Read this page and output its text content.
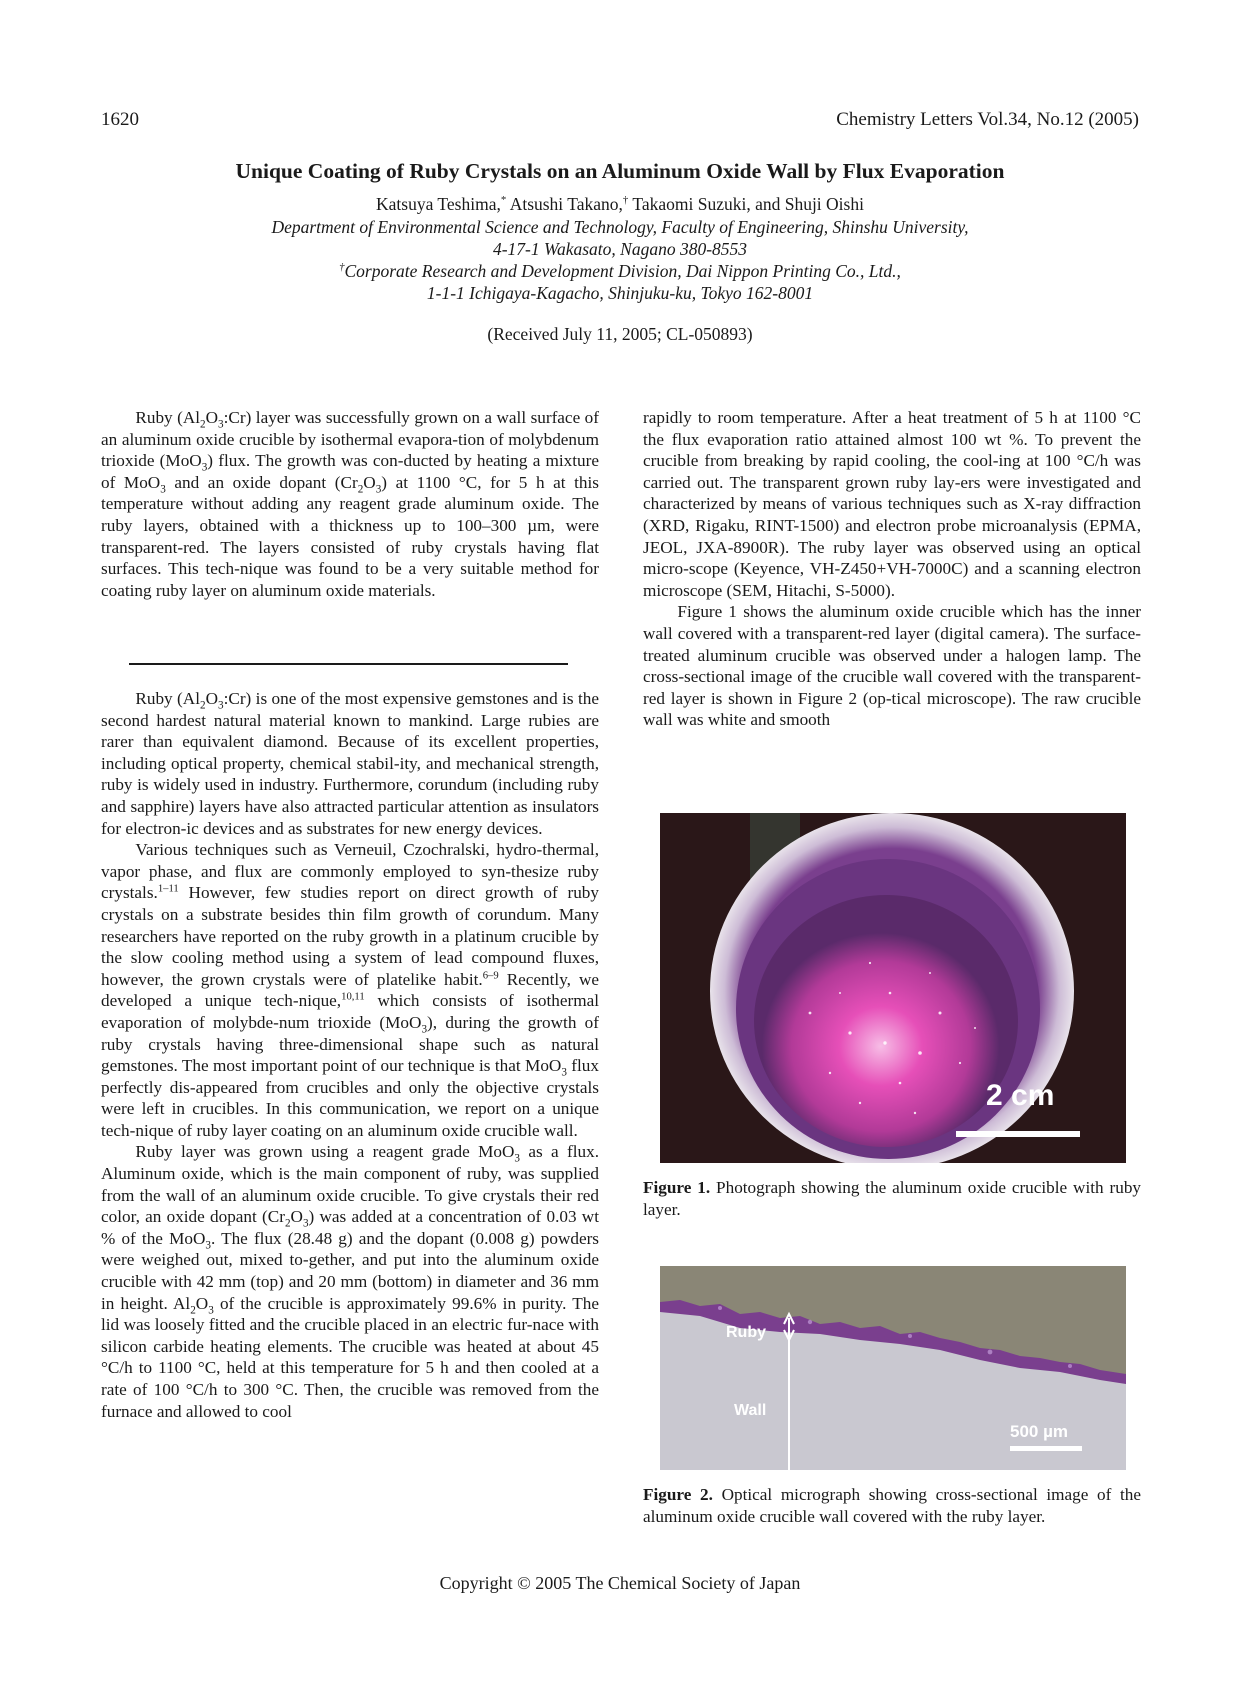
1620	Chemistry Letters Vol.34, No.12 (2005)
Unique Coating of Ruby Crystals on an Aluminum Oxide Wall by Flux Evaporation
Katsuya Teshima,* Atsushi Takano,† Takaomi Suzuki, and Shuji Oishi
Department of Environmental Science and Technology, Faculty of Engineering, Shinshu University,
4-17-1 Wakasato, Nagano 380-8553
†Corporate Research and Development Division, Dai Nippon Printing Co., Ltd.,
1-1-1 Ichigaya-Kagacho, Shinjuku-ku, Tokyo 162-8001
(Received July 11, 2005; CL-050893)

Ruby $(Al_2O_3:Cr)$ layer was successfully grown on a wall surface of an aluminum oxide crucible by isothermal evapora-tion of molybdenum trioxide (MoO$_3$) flux. The growth was con-ducted by heating a mixture of MoO$_3$ and an oxide dopant $(Cr_2O_3)$ at 1100 °C, for 5 h at this temperature without adding any reagent grade aluminum oxide. The ruby layers, obtained with a thickness up to 100–300 µm, were transparent-red. The layers consisted of ruby crystals having flat surfaces. This tech-nique was found to be a very suitable method for coating ruby layer on aluminum oxide materials.

Ruby $(Al_2O_3:Cr)$ is one of the most expensive gemstones and is the second hardest natural material known to mankind. Large rubies are rarer than equivalent diamond. Because of its excellent properties, including optical property, chemical stabil-ity, and mechanical strength, ruby is widely used in industry. Furthermore, corundum (including ruby and sapphire) layers have also attracted particular attention as insulators for electron-ic devices and as substrates for new energy devices.

Various techniques such as Verneuil, Czochralski, hydro-thermal, vapor phase, and flux are commonly employed to syn-thesize ruby crystals.$^{1-11}$ However, few studies report on direct growth of ruby crystals on a substrate besides thin film growth of corundum. Many researchers have reported on the ruby growth in a platinum crucible by the slow cooling method using a system of lead compound fluxes, however, the grown crystals were of platelike habit.$^{6-9}$ Recently, we developed a unique tech-nique,$^{10,11}$ which consists of isothermal evaporation of molybde-num trioxide (MoO$_3$), during the growth of ruby crystals having three-dimensional shape such as natural gemstones. The most important point of our technique is that MoO$_3$ flux perfectly dis-appeared from crucibles and only the objective crystals were left in crucibles. In this communication, we report on a unique tech-nique of ruby layer coating on an aluminum oxide crucible wall.

Ruby layer was grown using a reagent grade MoO$_3$ as a flux. Aluminum oxide, which is the main component of ruby, was supplied from the wall of an aluminum oxide crucible. To give crystals their red color, an oxide dopant $(Cr_2O_3)$ was added at a concentration of 0.03 wt % of the MoO$_3$. The flux (28.48 g) and the dopant (0.008 g) powders were weighed out, mixed to-gether, and put into the aluminum oxide crucible with 42 mm (top) and 20 mm (bottom) in diameter and 36 mm in height. $Al_2O_3$ of the crucible is approximately 99.6% in purity. The lid was loosely fitted and the crucible placed in an electric fur-nace with silicon carbide heating elements. The crucible was heated at about 45 °C/h to 1100 °C, held at this temperature for 5 h and then cooled at a rate of 100 °C/h to 300 °C. Then, the crucible was removed from the furnace and allowed to cool

rapidly to room temperature. After a heat treatment of 5 h at 1100 °C the flux evaporation ratio attained almost 100 wt %. To prevent the crucible from breaking by rapid cooling, the cool-ing at 100 °C/h was carried out. The transparent grown ruby lay-ers were investigated and characterized by means of various techniques such as X-ray diffraction (XRD, Rigaku, RINT-1500) and electron probe microanalysis (EPMA, JEOL, JXA-8900R). The ruby layer was observed using an optical micro-scope (Keyence, VH-Z450+VH-7000C) and a scanning electron microscope (SEM, Hitachi, S-5000).

Figure 1 shows the aluminum oxide crucible which has the inner wall covered with a transparent-red layer (digital camera). The surface-treated aluminum crucible was observed under a halogen lamp. The cross-sectional image of the crucible wall covered with the transparent-red layer is shown in Figure 2 (op-tical microscope). The raw crucible wall was white and smooth

2 cm
Figure 1. Photograph showing the aluminum oxide crucible with ruby layer.
Ruby
Wall
500 µm
Figure 2. Optical micrograph showing cross-sectional image of the aluminum oxide crucible wall covered with the ruby layer.
Copyright © 2005 The Chemical Society of Japan
